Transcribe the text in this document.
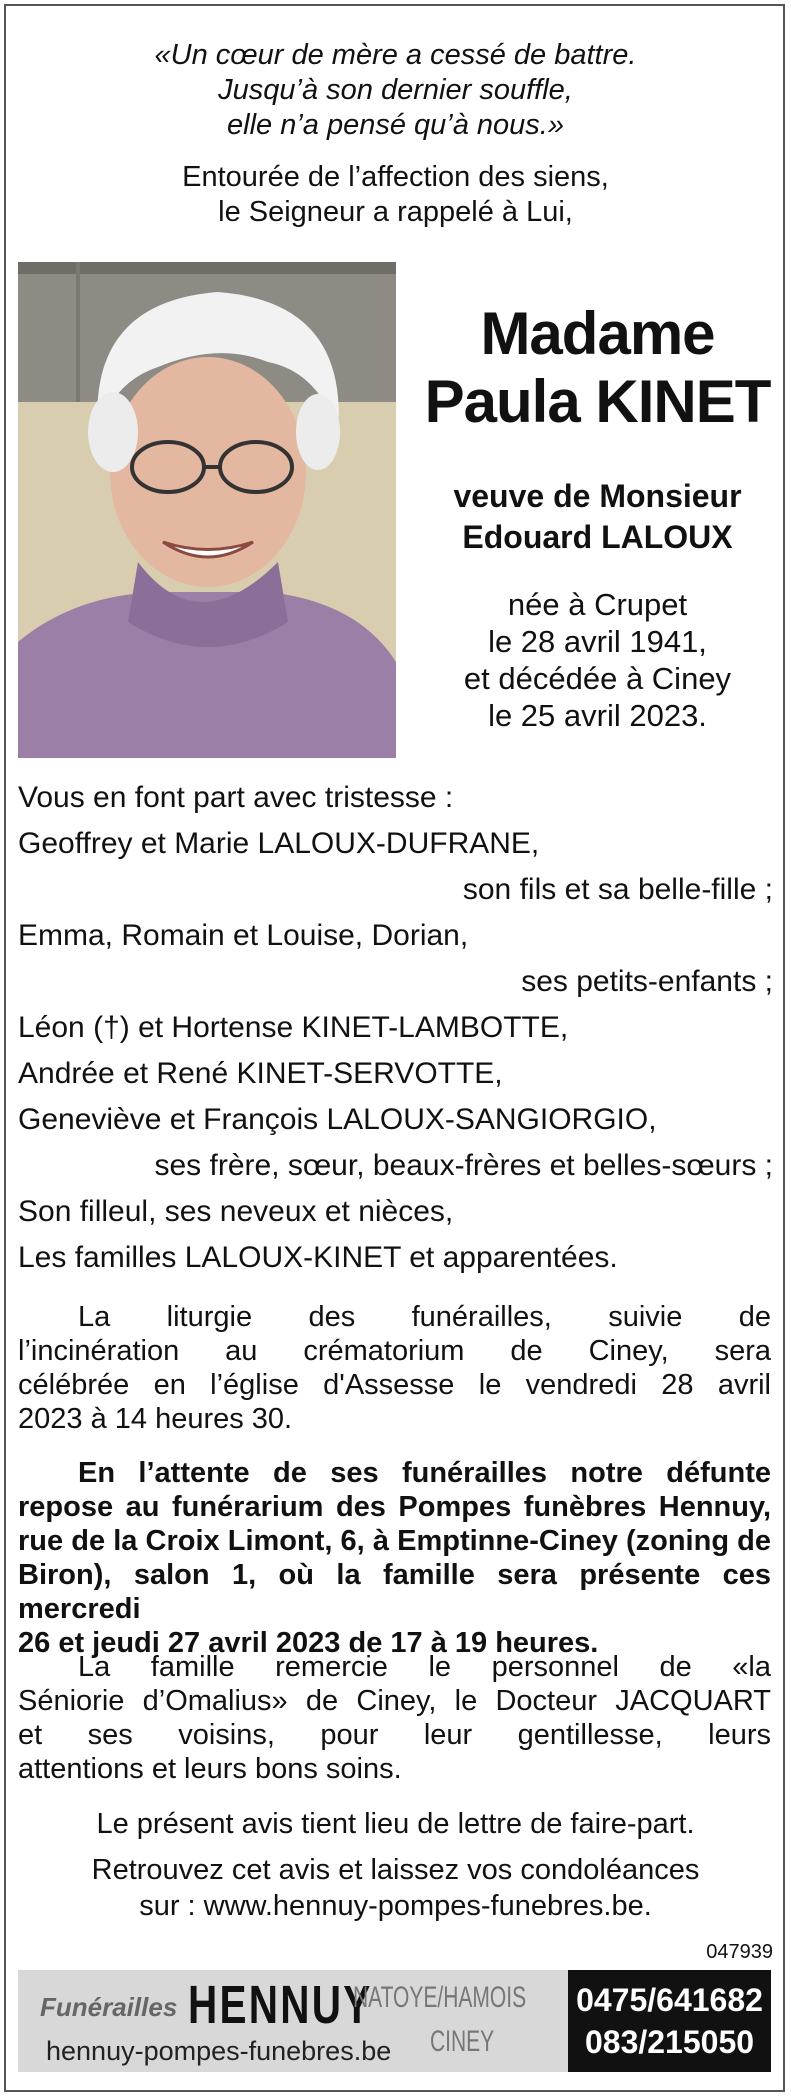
«Un cœur de mère a cessé de battre.
Jusqu’à son dernier souffle,
elle n’a pensé qu’à nous.»
Entourée de l’affection des siens,
le Seigneur a rappelé à Lui,
Madame
Paula KINET
veuve de Monsieur
Edouard LALOUX
née à Crupet
le 28 avril 1941,
et décédée à Ciney
le 25 avril 2023.
Vous en font part avec tristesse :
Geoffrey et Marie LALOUX-DUFRANE,
son fils et sa belle-fille ;
Emma, Romain et Louise, Dorian,
ses petits-enfants ;
Léon (†) et Hortense KINET-LAMBOTTE,
Andrée et René KINET-SERVOTTE,
Geneviève et François LALOUX-SANGIORGIO,
ses frère, sœur, beaux-frères et belles-sœurs ;
Son filleul, ses neveux et nièces,
Les familles LALOUX-KINET et apparentées.
La liturgie des funérailles, suivie de
l’incinération au crématorium de Ciney, sera
célébrée en l’église d'Assesse le vendredi 28 avril
2023 à 14 heures 30.
En l’attente de ses funérailles notre défunte
repose au funérarium des Pompes funèbres Hennuy,
rue de la Croix Limont, 6, à Emptinne-Ciney (zoning de
Biron), salon 1, où la famille sera présente ces mercredi
26 et jeudi 27 avril 2023 de 17 à 19 heures.
La famille remercie le personnel de «la
Séniorie d’Omalius» de Ciney, le Docteur JACQUART
et ses voisins, pour leur gentillesse, leurs
attentions et leurs bons soins.
Le présent avis tient lieu de lettre de faire-part.
Retrouvez cet avis et laissez vos condoléances
sur : www.hennuy-pompes-funebres.be.
047939
Funérailles HENNUY
NATOYE/HAMOIS
CINEY
hennuy-pompes-funebres.be
0475/641682
083/215050
